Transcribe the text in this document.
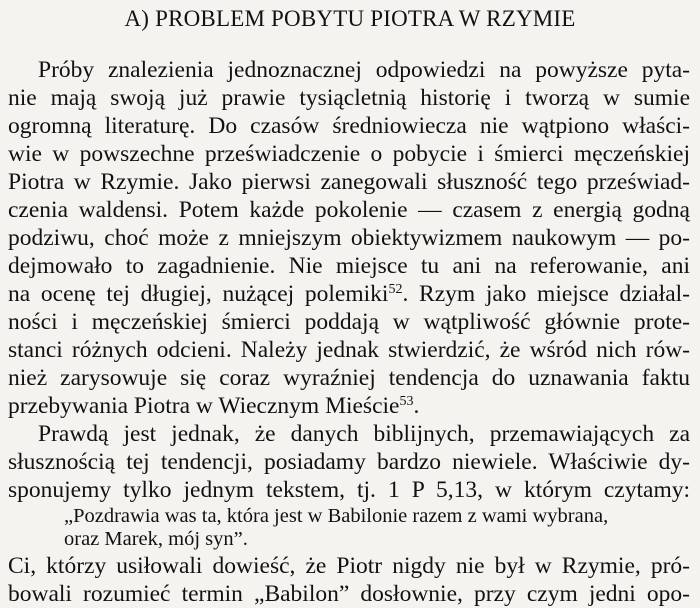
A) PROBLEM POBYTU PIOTRA W RZYMIE
Próby znalezienia jednoznacznej odpowiedzi na powyższe pyta-
nie mają swoją już prawie tysiącletnią historię i tworzą w sumie
ogromną literaturę. Do czasów średniowiecza nie wątpiono właści-
wie w powszechne przeświadczenie o pobycie i śmierci męczeńskiej
Piotra w Rzymie. Jako pierwsi zanegowali słuszność tego przeświad-
czenia waldensi. Potem każde pokolenie — czasem z energią godną
podziwu, choć może z mniejszym obiektywizmem naukowym — po-
dejmowało to zagadnienie. Nie miejsce tu ani na referowanie, ani
na ocenę tej długiej, nużącej polemiki$^{52}$. Rzym jako miejsce działal-
ności i męczeńskiej śmierci poddają w wątpliwość głównie prote-
stanci różnych odcieni. Należy jednak stwierdzić, że wśród nich rów-
nież zarysowuje się coraz wyraźniej tendencja do uznawania faktu
przebywania Piotra w Wiecznym Mieście$^{53}$.
Prawdą jest jednak, że danych biblijnych, przemawiających za
słusznością tej tendencji, posiadamy bardzo niewiele. Właściwie dy-
sponujemy tylko jednym tekstem, tj. 1 P 5,13, w którym czytamy:
„Pozdrawia was ta, która jest w Babilonie razem z wami wybrana,
oraz Marek, mój syn”.
Ci, którzy usiłowali dowieść, że Piotr nigdy nie był w Rzymie, pró-
bowali rozumieć termin „Babilon” dosłownie, przy czym jedni opo-
